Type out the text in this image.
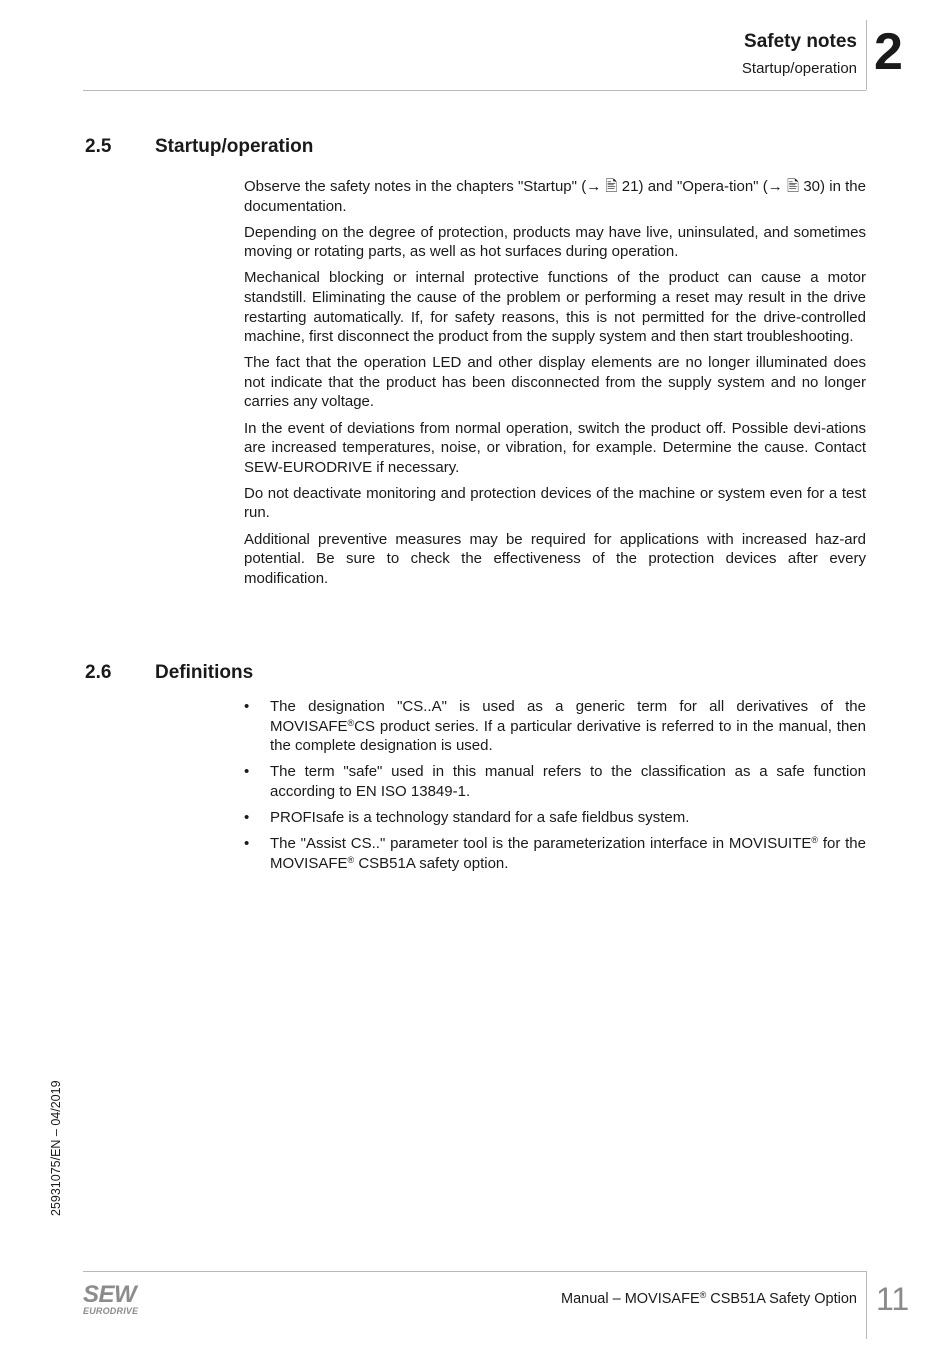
Safety notes
Startup/operation 2
2.5 Startup/operation

Observe the safety notes in the chapters "Startup" (→ 🖹 21) and "Opera-tion" (→ 🖹 30) in the documentation.

Depending on the degree of protection, products may have live, uninsulated, and sometimes moving or rotating parts, as well as hot surfaces during operation.

Mechanical blocking or internal protective functions of the product can cause a motor standstill. Eliminating the cause of the problem or performing a reset may result in the drive restarting automatically. If, for safety reasons, this is not permitted for the drive-controlled machine, first disconnect the product from the supply system and then start troubleshooting.

The fact that the operation LED and other display elements are no longer illuminated does not indicate that the product has been disconnected from the supply system and no longer carries any voltage.

In the event of deviations from normal operation, switch the product off. Possible devi-ations are increased temperatures, noise, or vibration, for example. Determine the cause. Contact SEW-EURODRIVE if necessary.

Do not deactivate monitoring and protection devices of the machine or system even for a test run.

Additional preventive measures may be required for applications with increased haz-ard potential. Be sure to check the effectiveness of the protection devices after every modification.

2.6 Definitions
• The designation "CS..A" is used as a generic term for all derivatives of the MOVISAFE®CS product series. If a particular derivative is referred to in the manual, then the complete designation is used.
• The term "safe" used in this manual refers to the classification as a safe function according to EN ISO 13849-1.
• PROFIsafe is a technology standard for a safe fieldbus system.
• The "Assist CS.." parameter tool is the parameterization interface in MOVISUITE® for the MOVISAFE® CSB51A safety option.
25931075/EN – 04/2019
SEW
EURODRIVE
Manual – MOVISAFE® CSB51A Safety Option 11
